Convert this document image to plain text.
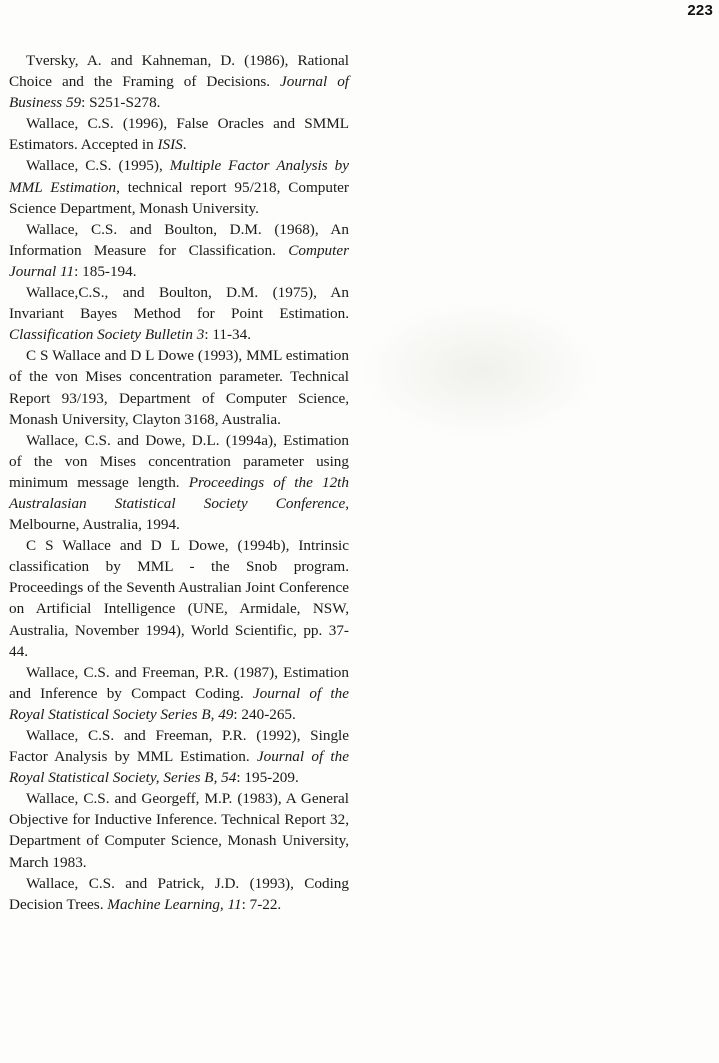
223

Tversky, A. and Kahneman, D. (1986), Rational Choice and the Framing of Decisions. Journal of Business 59: S251-S278.

Wallace, C.S. (1996), False Oracles and SMML Estimators. Accepted in ISIS.

Wallace, C.S. (1995), Multiple Factor Analysis by MML Estimation, technical report 95/218, Computer Science Department, Monash University.

Wallace, C.S. and Boulton, D.M. (1968), An Information Measure for Classification. Computer Journal 11: 185-194.

Wallace,C.S., and Boulton, D.M. (1975), An Invariant Bayes Method for Point Estimation. Classification Society Bulletin 3: 11-34.

C S Wallace and D L Dowe (1993), MML estimation of the von Mises concentration parameter. Technical Report 93/193, Department of Computer Science, Monash University, Clayton 3168, Australia.

Wallace, C.S. and Dowe, D.L. (1994a), Estimation of the von Mises concentration parameter using minimum message length. Proceedings of the 12th Australasian Statistical Society Conference, Melbourne, Australia, 1994.

C S Wallace and D L Dowe, (1994b), Intrinsic classification by MML - the Snob program. Proceedings of the Seventh Australian Joint Conference on Artificial Intelligence (UNE, Armidale, NSW, Australia, November 1994), World Scientific, pp. 37-44.

Wallace, C.S. and Freeman, P.R. (1987), Estimation and Inference by Compact Coding. Journal of the Royal Statistical Society Series B, 49: 240-265.

Wallace, C.S. and Freeman, P.R. (1992), Single Factor Analysis by MML Estimation. Journal of the Royal Statistical Society, Series B, 54: 195-209.

Wallace, C.S. and Georgeff, M.P. (1983), A General Objective for Inductive Inference. Technical Report 32, Department of Computer Science, Monash University, March 1983.

Wallace, C.S. and Patrick, J.D. (1993), Coding Decision Trees. Machine Learning, 11: 7-22.
